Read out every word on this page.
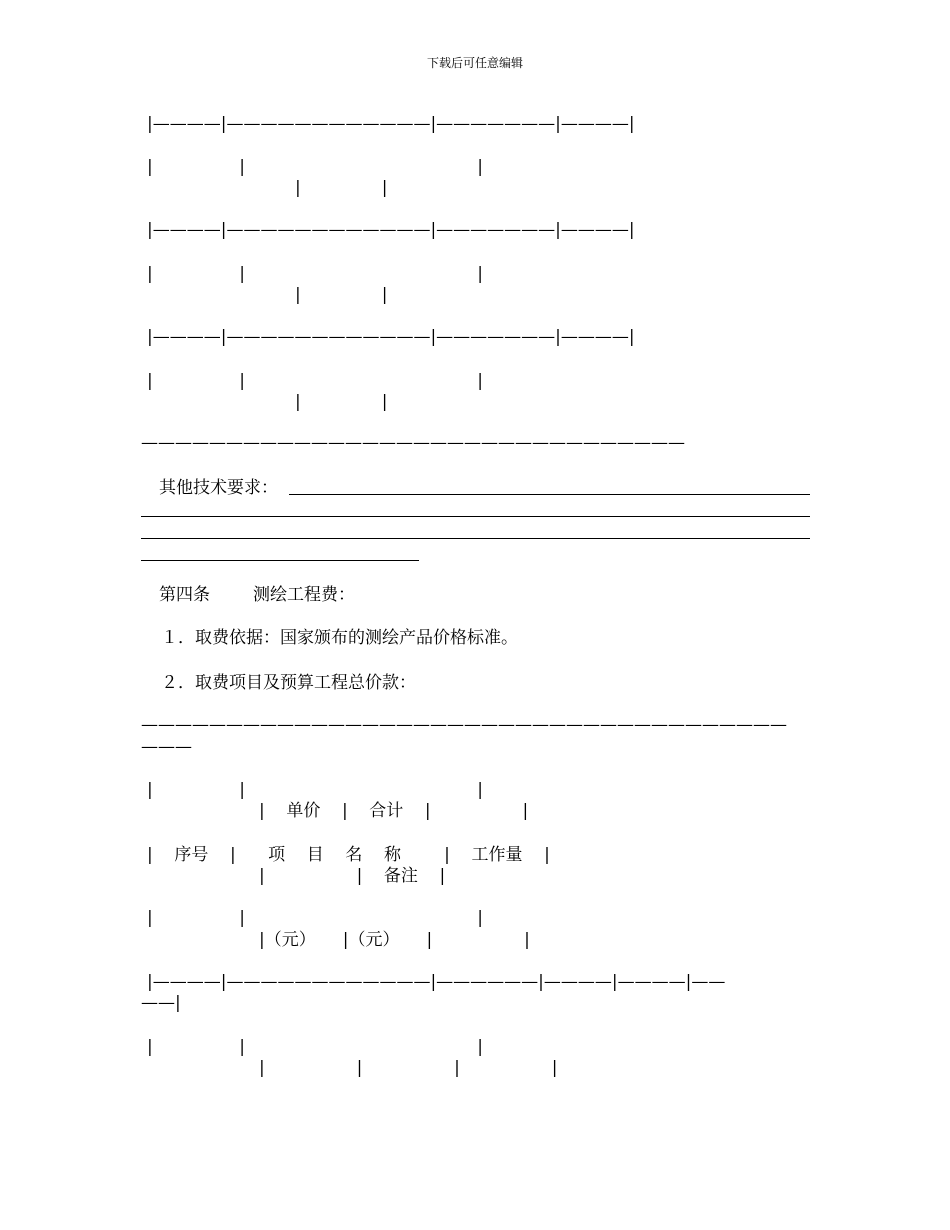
下载后可任意编辑
|————|————————————|———————|————|
|                |                                           |
|               |
|————|————————————|———————|————|
|                |                                           |
|               |
|————|————————————|———————|————|
|                |                                           |
|               |
————————————————————————————————
其他技术要求：
第四条	测绘工程费：
１．取费依据：国家颁布的测绘产品价格标准。
２．取费项目及预算工程总价款：
——————————————————————————————————————
———
|                |                                           |
|    单价    |    合计    |                 |
|    序号    |      项    目    名    称        |    工作量    |
|                 |    备注    |
|                |                                           |
|（元）     |（元）     |                 |
|————|————————————|——————|————|————|——
——|
|                |                                           |
|                 |                 |                 |
